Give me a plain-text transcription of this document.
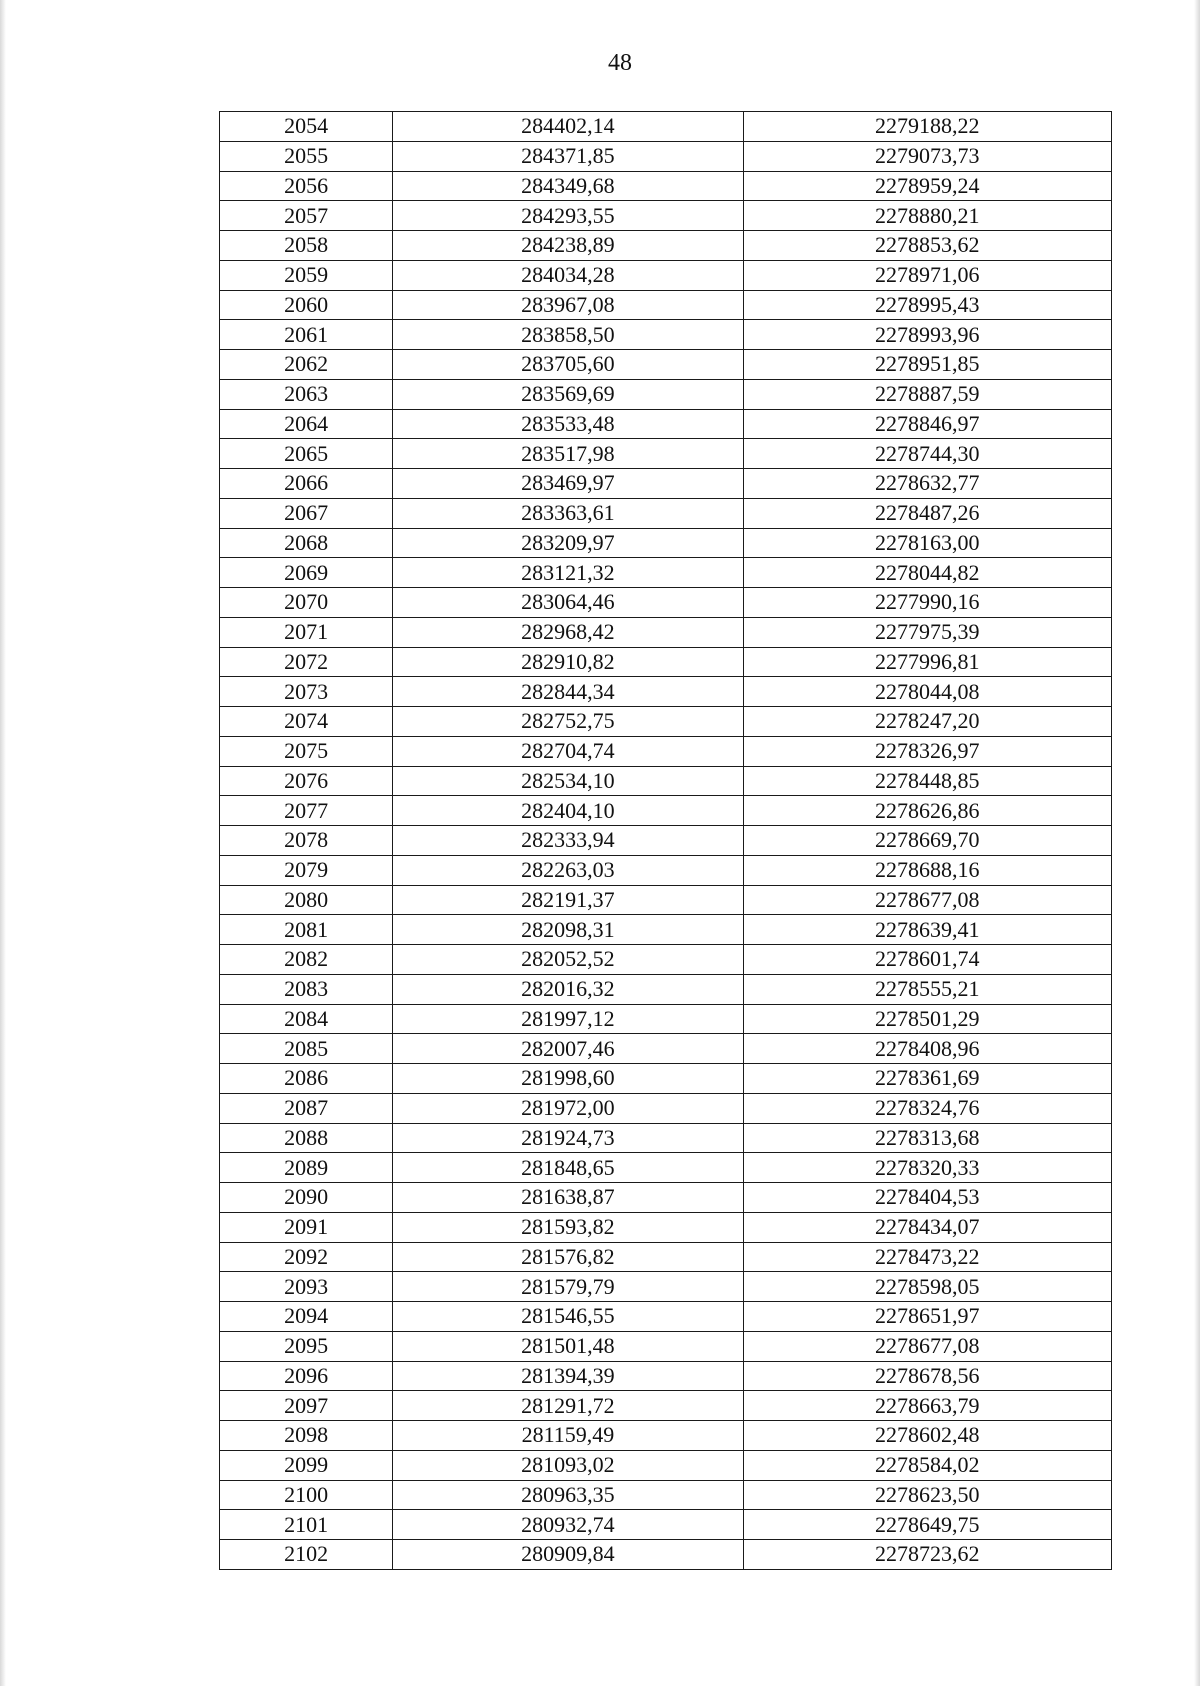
48
2054	284402,14	2279188,22
2055	284371,85	2279073,73
2056	284349,68	2278959,24
2057	284293,55	2278880,21
2058	284238,89	2278853,62
2059	284034,28	2278971,06
2060	283967,08	2278995,43
2061	283858,50	2278993,96
2062	283705,60	2278951,85
2063	283569,69	2278887,59
2064	283533,48	2278846,97
2065	283517,98	2278744,30
2066	283469,97	2278632,77
2067	283363,61	2278487,26
2068	283209,97	2278163,00
2069	283121,32	2278044,82
2070	283064,46	2277990,16
2071	282968,42	2277975,39
2072	282910,82	2277996,81
2073	282844,34	2278044,08
2074	282752,75	2278247,20
2075	282704,74	2278326,97
2076	282534,10	2278448,85
2077	282404,10	2278626,86
2078	282333,94	2278669,70
2079	282263,03	2278688,16
2080	282191,37	2278677,08
2081	282098,31	2278639,41
2082	282052,52	2278601,74
2083	282016,32	2278555,21
2084	281997,12	2278501,29
2085	282007,46	2278408,96
2086	281998,60	2278361,69
2087	281972,00	2278324,76
2088	281924,73	2278313,68
2089	281848,65	2278320,33
2090	281638,87	2278404,53
2091	281593,82	2278434,07
2092	281576,82	2278473,22
2093	281579,79	2278598,05
2094	281546,55	2278651,97
2095	281501,48	2278677,08
2096	281394,39	2278678,56
2097	281291,72	2278663,79
2098	281159,49	2278602,48
2099	281093,02	2278584,02
2100	280963,35	2278623,50
2101	280932,74	2278649,75
2102	280909,84	2278723,62
